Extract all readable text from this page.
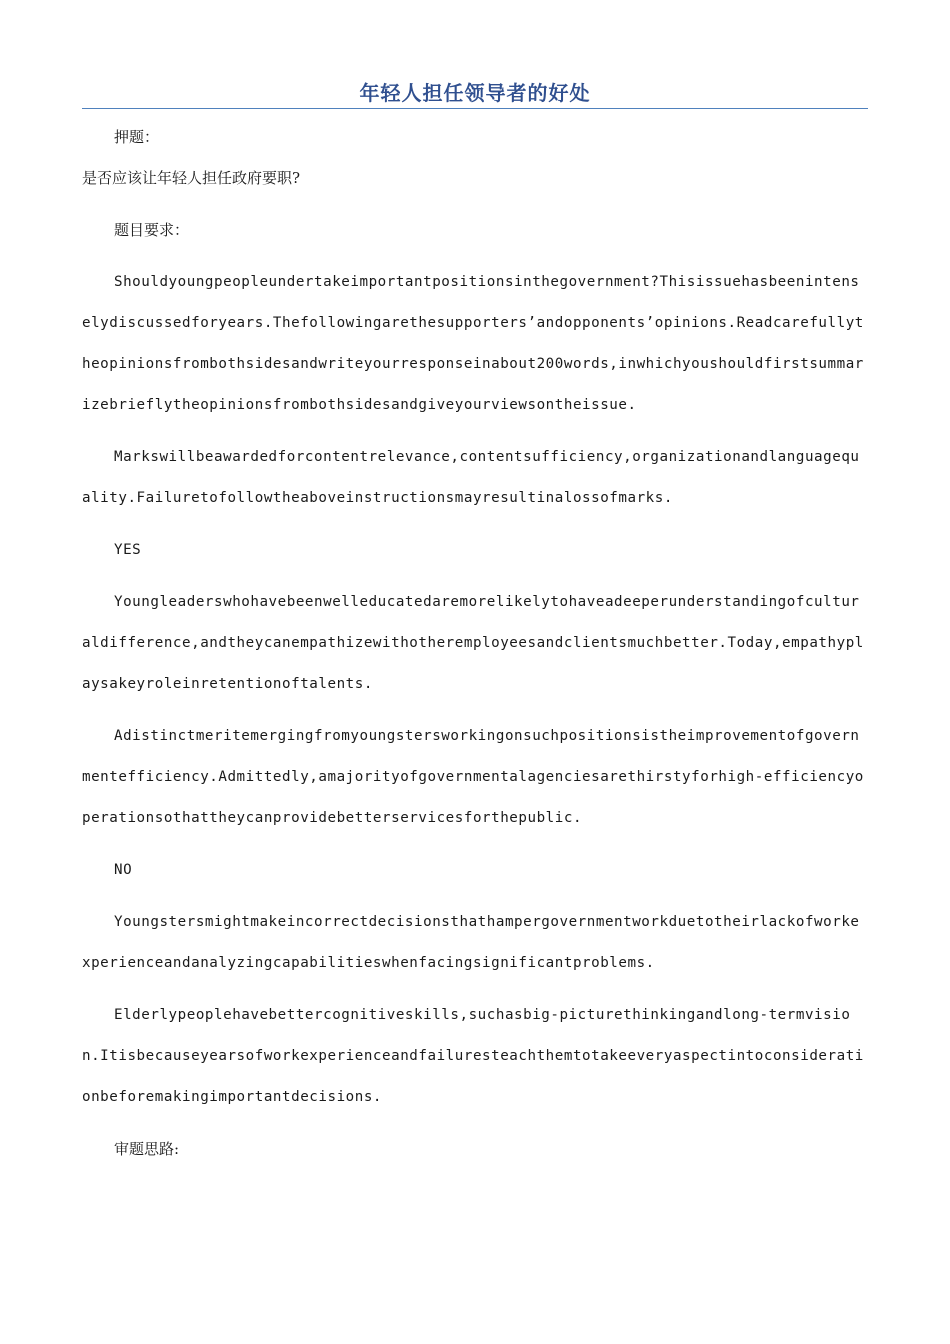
年轻人担任领导者的好处

押题：

是否应该让年轻人担任政府要职?

题目要求：

Shouldyoungpeopleundertakeimportantpositionsinthegovernment?Thisissuehasbeenintenselydiscussedforyears.Thefollowingarethesupporters’andopponents’opinions.Readcarefullytheopinionsfrombothsidesandwriteyourresponseinabout200words,inwhichyoushouldfirstsummarizebrieflytheopinionsfrombothsidesandgiveyourviewsontheissue.

Markswillbeawardedforcontentrelevance,contentsufficiency,organizationandlanguagequality.Failuretofollowtheaboveinstructionsmayresultinalossofmarks.

YES

Youngleaderswhohavebeenwelleducatedaremorelikelytohaveadeeperunderstandingofculturaldifference,andtheycanempathizewithotheremployeesandclientsmuchbetter.Today,empathyplaysakeyroleinretentionoftalents.

Adistinctmeritemergingfromyoungstersworkingonsuchpositionsistheimprovementofgovernmentefficiency.Admittedly,amajorityofgovernmentalagenciesarethirstyforhigh-efficiencyoperationsothattheycanprovidebetterservicesforthepublic.

NO

Youngstersmightmakeincorrectdecisionsthathampergovernmentworkduetotheirlackofworkexperienceandanalyzingcapabilitieswhenfacingsignificantproblems.

Elderlypeoplehavebettercognitiveskills,suchasbig-picturethinkingandlong-termvision.Itisbecauseyearsofworkexperienceandfailuresteachthemtotakeeveryaspectintoconsiderationbeforemakingimportantdecisions.

审题思路:
